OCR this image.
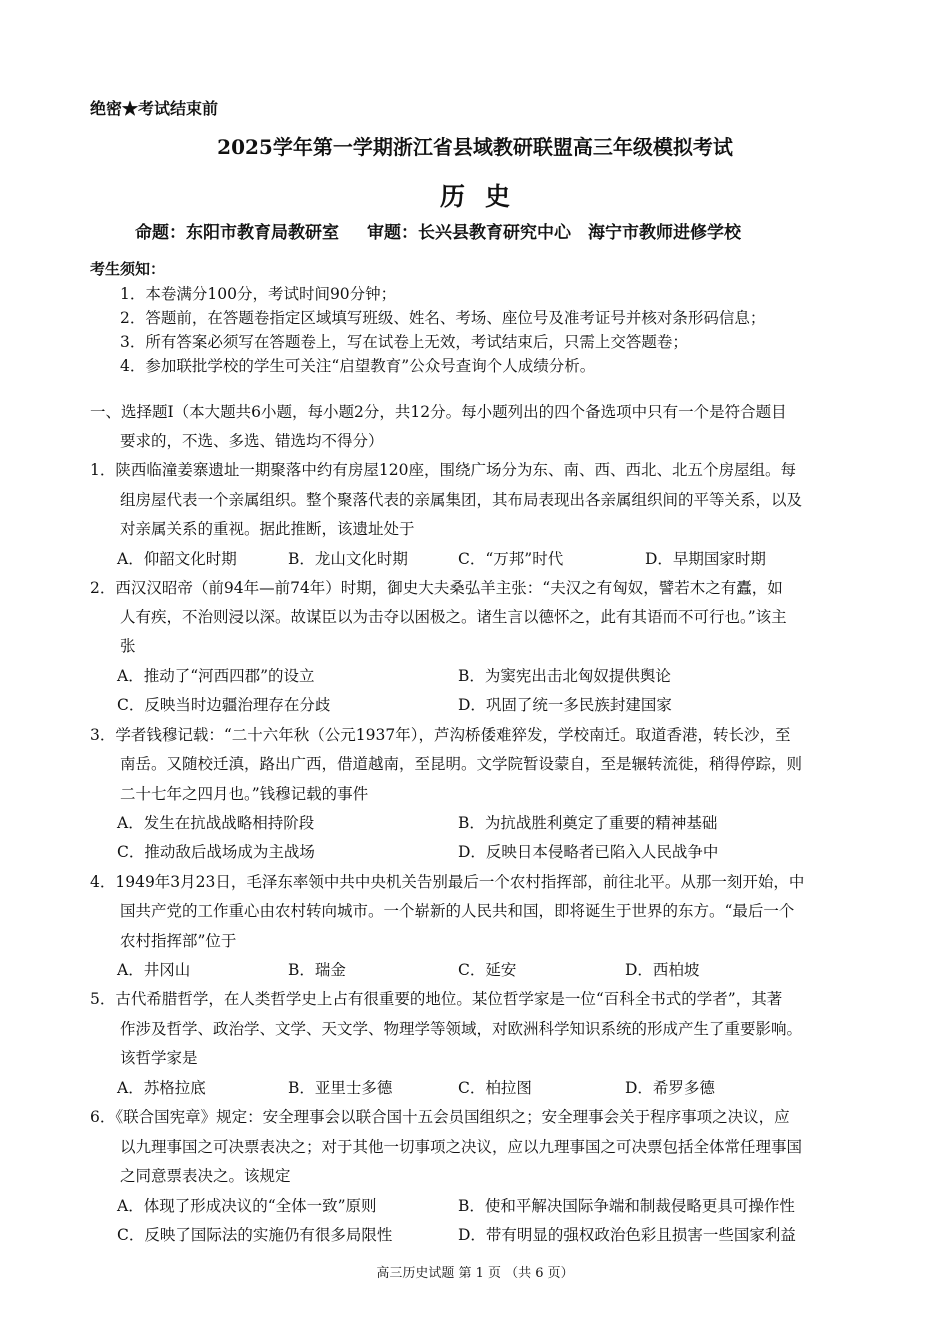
绝密★考试结束前
2025学年第一学期浙江省县域教研联盟高三年级模拟考试
历史
命题：东阳市教育局教研室 审题：长兴县教育研究中心　海宁市教师进修学校
考生须知：
1．本卷满分100分，考试时间90分钟；
2．答题前，在答题卷指定区域填写班级、姓名、考场、座位号及准考证号并核对条形码信息；
3．所有答案必须写在答题卷上，写在试卷上无效，考试结束后，只需上交答题卷；
4．参加联批学校的学生可关注“启望教育”公众号查询个人成绩分析。
一、选择题Ⅰ（本大题共6小题，每小题2分，共12分。每小题列出的四个备选项中只有一个是符合题目
要求的，不选、多选、错选均不得分）
1．陕西临潼姜寨遗址一期聚落中约有房屋120座，围绕广场分为东、南、西、西北、北五个房屋组。每
组房屋代表一个亲属组织。整个聚落代表的亲属集团，其布局表现出各亲属组织间的平等关系，以及
对亲属关系的重视。据此推断，该遗址处于
A．仰韶文化时期	B．龙山文化时期	C．“万邦”时代	D．早期国家时期
2．西汉汉昭帝（前94年—前74年）时期，御史大夫桑弘羊主张：“夫汉之有匈奴，譬若木之有蠹，如
人有疾，不治则浸以深。故谋臣以为击夺以困极之。诸生言以德怀之，此有其语而不可行也。”该主
张
A．推动了“河西四郡”的设立	B．为窦宪出击北匈奴提供舆论
C．反映当时边疆治理存在分歧	D．巩固了统一多民族封建国家
3．学者钱穆记载：“二十六年秋（公元1937年），芦沟桥倭难猝发，学校南迁。取道香港，转长沙，至
南岳。又随校迁滇，路出广西，借道越南，至昆明。文学院暂设蒙自，至是辗转流徙，稍得停踪，则
二十七年之四月也。”钱穆记载的事件
A．发生在抗战战略相持阶段	B．为抗战胜利奠定了重要的精神基础
C．推动敌后战场成为主战场	D．反映日本侵略者已陷入人民战争中
4．1949年3月23日，毛泽东率领中共中央机关告别最后一个农村指挥部，前往北平。从那一刻开始，中
国共产党的工作重心由农村转向城市。一个崭新的人民共和国，即将诞生于世界的东方。“最后一个
农村指挥部”位于
A．井冈山	B．瑞金	C．延安	D．西柏坡
5．古代希腊哲学，在人类哲学史上占有很重要的地位。某位哲学家是一位“百科全书式的学者”，其著
作涉及哲学、政治学、文学、天文学、物理学等领域，对欧洲科学知识系统的形成产生了重要影响。
该哲学家是
A．苏格拉底	B．亚里士多德	C．柏拉图	D．希罗多德
6．《联合国宪章》规定：安全理事会以联合国十五会员国组织之；安全理事会关于程序事项之决议，应
以九理事国之可决票表决之；对于其他一切事项之决议，应以九理事国之可决票包括全体常任理事国
之同意票表决之。该规定
A．体现了形成决议的“全体一致”原则	B．使和平解决国际争端和制裁侵略更具可操作性
C．反映了国际法的实施仍有很多局限性	D．带有明显的强权政治色彩且损害一些国家利益
高三历史试题 第 1 页 （共 6 页）
